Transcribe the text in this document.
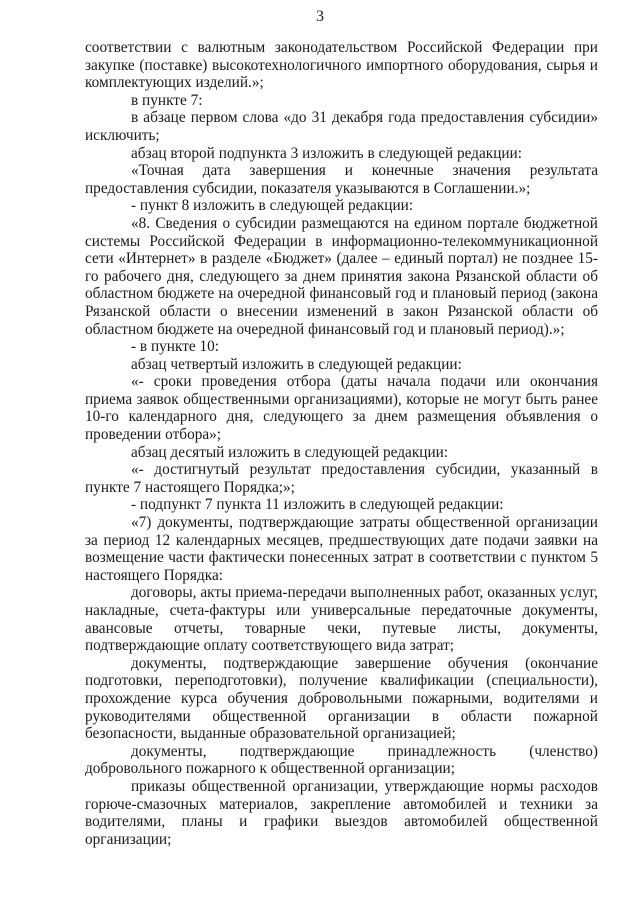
3

соответствии с валютным законодательством Российской Федерации при закупке (поставке) высокотехнологичного импортного оборудования, сырья и комплектующих изделий.»;

в пункте 7:

в абзаце первом слова «до 31 декабря года предоставления субсидии» исключить;

абзац второй подпункта 3 изложить в следующей редакции:

«Точная дата завершения и конечные значения результата предоставления субсидии, показателя указываются в Соглашении.»;

- пункт 8 изложить в следующей редакции:

«8. Сведения о субсидии размещаются на едином портале бюджетной системы Российской Федерации в информационно-телекоммуникационной сети «Интернет» в разделе «Бюджет» (далее – единый портал) не позднее 15-го рабочего дня, следующего за днем принятия закона Рязанской области об областном бюджете на очередной финансовый год и плановый период (закона Рязанской области о внесении изменений в закон Рязанской области об областном бюджете на очередной финансовый год и плановый период).»;

- в пункте 10:

абзац четвертый изложить в следующей редакции:

«- сроки проведения отбора (даты начала подачи или окончания приема заявок общественными организациями), которые не могут быть ранее 10-го календарного дня, следующего за днем размещения объявления о проведении отбора»;

абзац десятый изложить в следующей редакции:

«- достигнутый результат предоставления субсидии, указанный в пункте 7 настоящего Порядка;»;

- подпункт 7 пункта 11 изложить в следующей редакции:

«7) документы, подтверждающие затраты общественной организации за период 12 календарных месяцев, предшествующих дате подачи заявки на возмещение части фактически понесенных затрат в соответствии с пунктом 5 настоящего Порядка:

договоры, акты приема-передачи выполненных работ, оказанных услуг, накладные, счета-фактуры или универсальные передаточные документы, авансовые отчеты, товарные чеки, путевые листы, документы, подтверждающие оплату соответствующего вида затрат;

документы, подтверждающие завершение обучения (окончание подготовки, переподготовки), получение квалификации (специальности), прохождение курса обучения добровольными пожарными, водителями и руководителями общественной организации в области пожарной безопасности, выданные образовательной организацией;

документы, подтверждающие принадлежность (членство) добровольного пожарного к общественной организации;

приказы общественной организации, утверждающие нормы расходов горюче-смазочных материалов, закрепление автомобилей и техники за водителями, планы и графики выездов автомобилей общественной организации;
